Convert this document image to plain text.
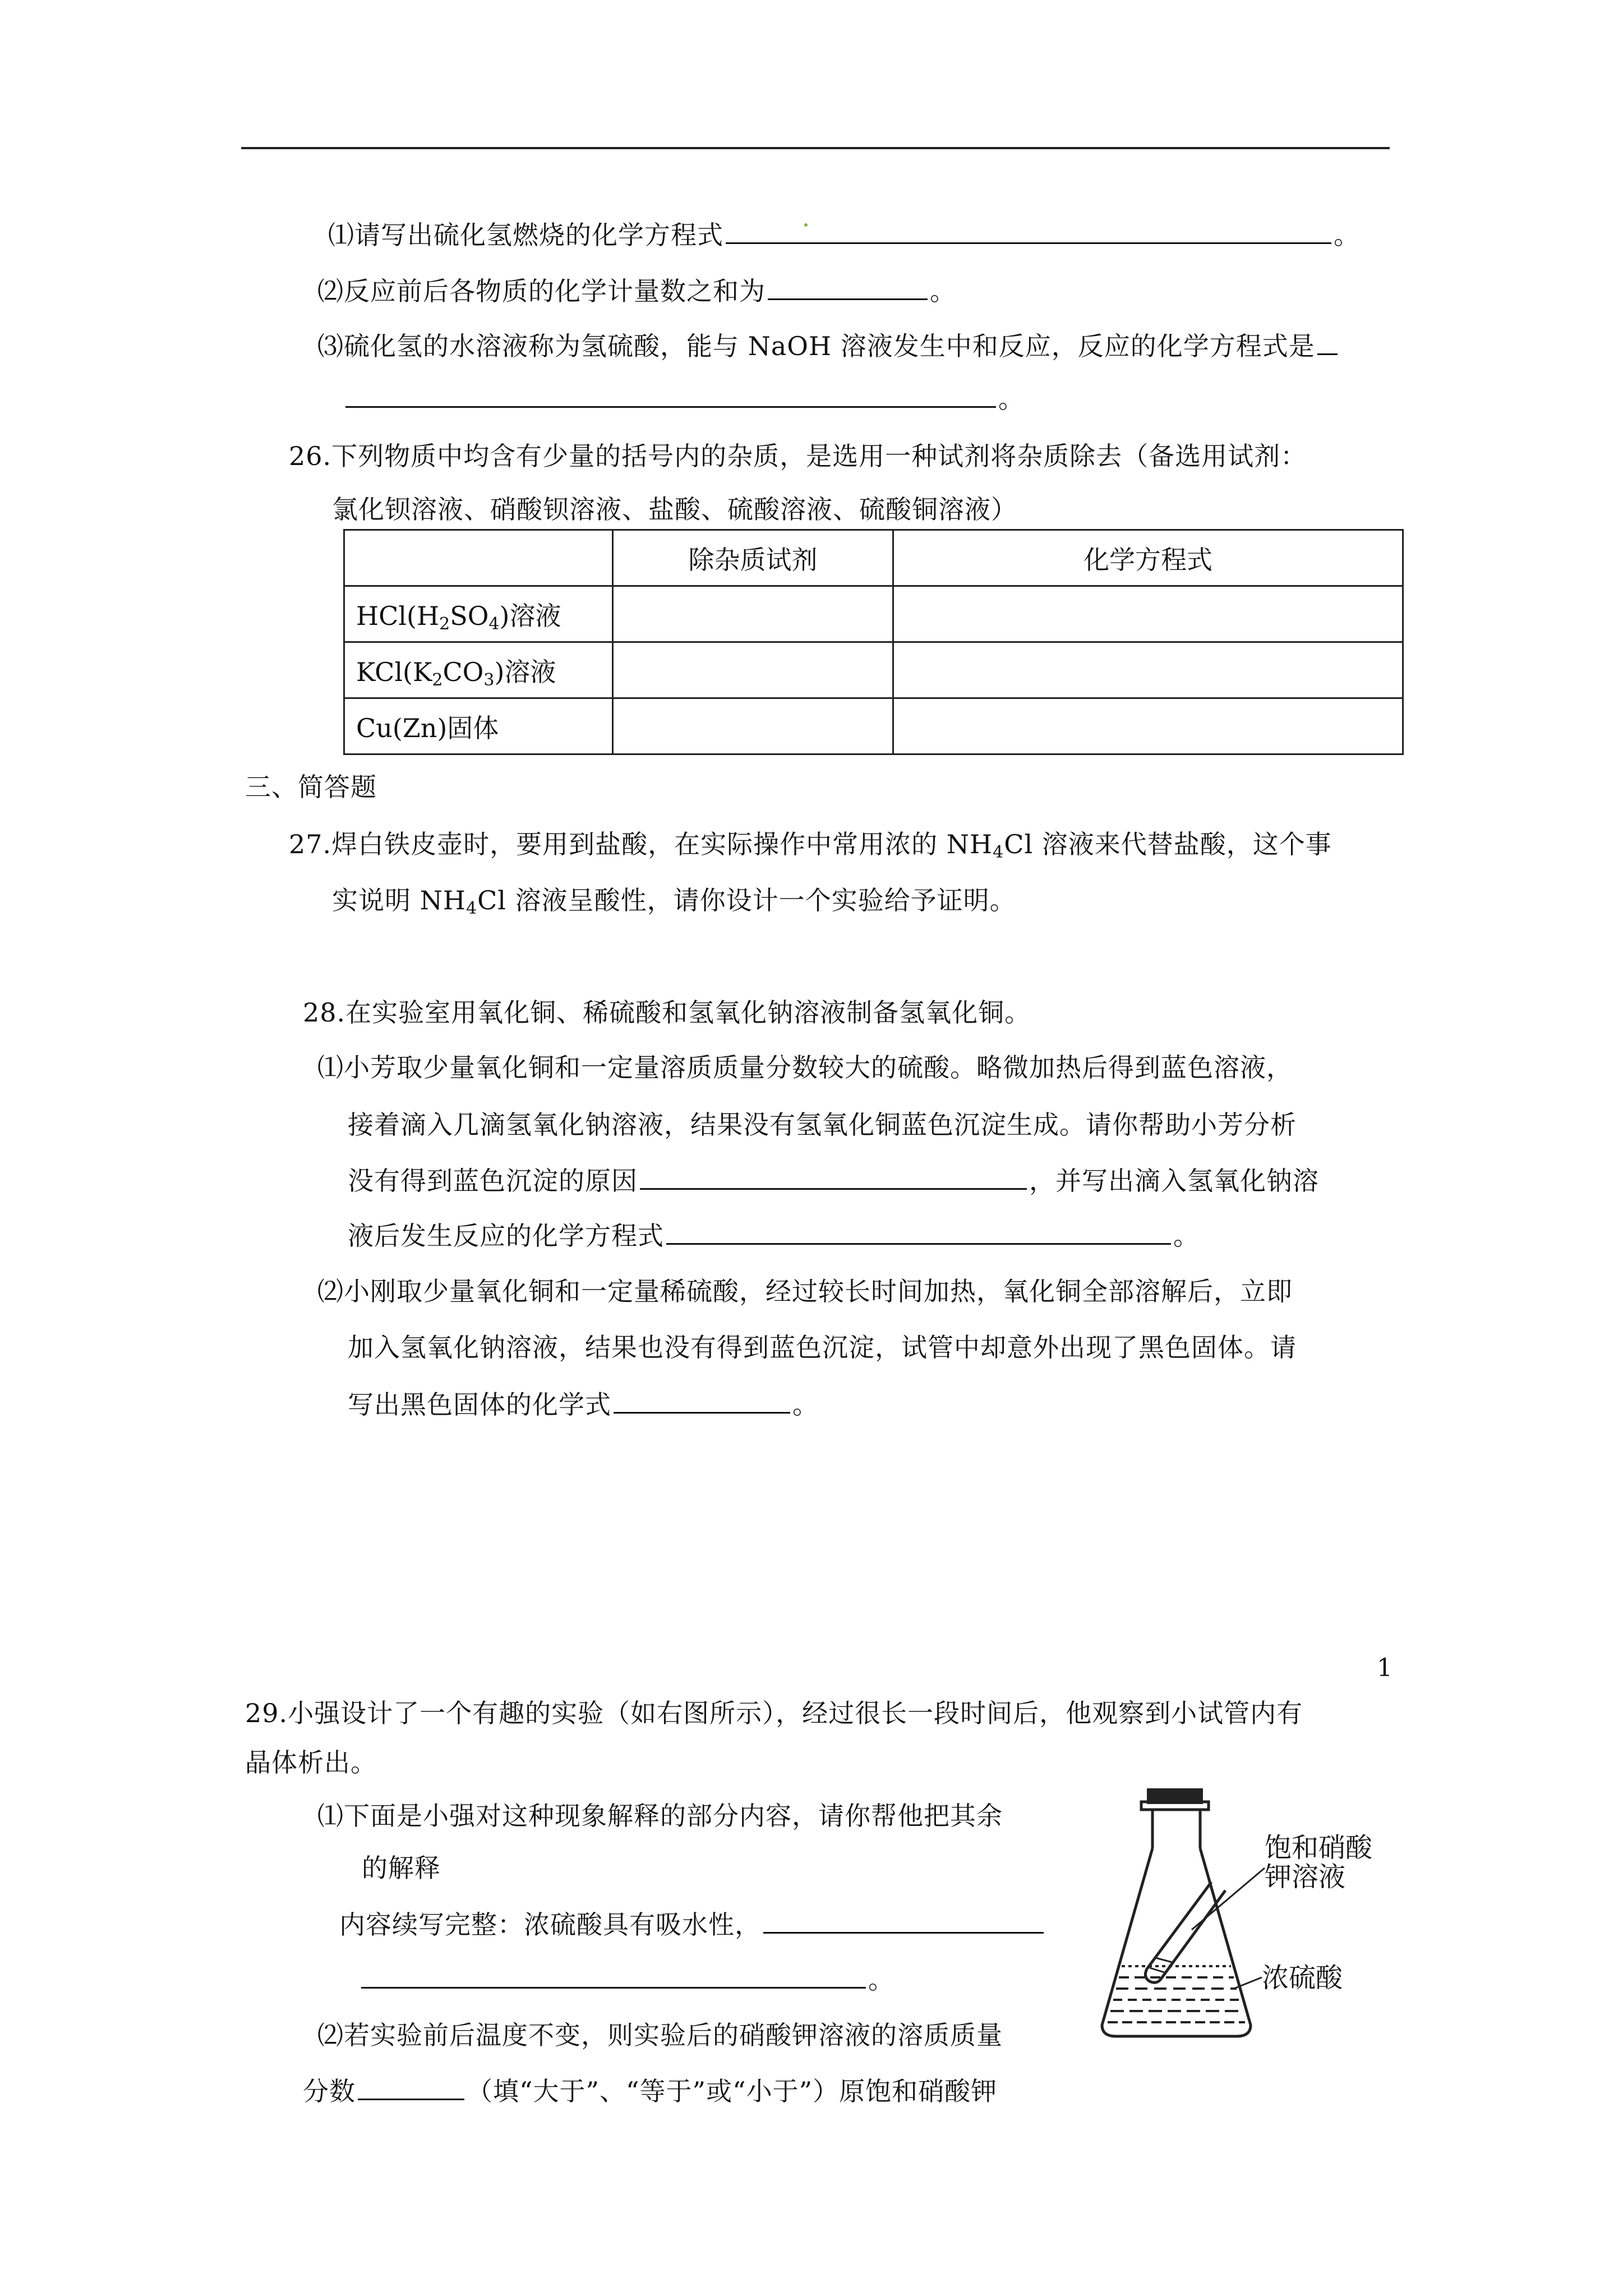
⑴请写出硫化氢燃烧的化学方程式	。
⑵反应前后各物质的化学计量数之和为	。
⑶硫化氢的水溶液称为氢硫酸，能与 NaOH 溶液发生中和反应，反应的化学方程式是
。
26.下列物质中均含有少量的括号内的杂质，是选用一种试剂将杂质除去（备选用试剂：
氯化钡溶液、硝酸钡溶液、盐酸、硫酸溶液、硫酸铜溶液）
	除杂质试剂	化学方程式
$HCl(H_2SO_4)$溶液		
$KCl(K_2CO_3)$溶液		
Cu(Zn)固体		
三、简答题
27.焊白铁皮壶时，要用到盐酸，在实际操作中常用浓的 $NH_4Cl$ 溶液来代替盐酸，这个事
实说明 $NH_4Cl$ 溶液呈酸性，请你设计一个实验给予证明。
28.在实验室用氧化铜、稀硫酸和氢氧化钠溶液制备氢氧化铜。
⑴小芳取少量氧化铜和一定量溶质质量分数较大的硫酸。略微加热后得到蓝色溶液，
接着滴入几滴氢氧化钠溶液，结果没有氢氧化铜蓝色沉淀生成。请你帮助小芳分析
没有得到蓝色沉淀的原因	，并写出滴入氢氧化钠溶
液后发生反应的化学方程式	。
⑵小刚取少量氧化铜和一定量稀硫酸，经过较长时间加热，氧化铜全部溶解后，立即
加入氢氧化钠溶液，结果也没有得到蓝色沉淀，试管中却意外出现了黑色固体。请
写出黑色固体的化学式	。
29.小强设计了一个有趣的实验（如右图所示），经过很长一段时间后，他观察到小试管内有
晶体析出。
⑴下面是小强对这种现象解释的部分内容，请你帮他把其余
的解释
内容续写完整：浓硫酸具有吸水性，
。
⑵若实验前后温度不变，则实验后的硝酸钾溶液的溶质质量
分数	（填“大于”、“等于”或“小于”）原饱和硝酸钾
饱和硝酸
钾溶液
浓硫酸
1
